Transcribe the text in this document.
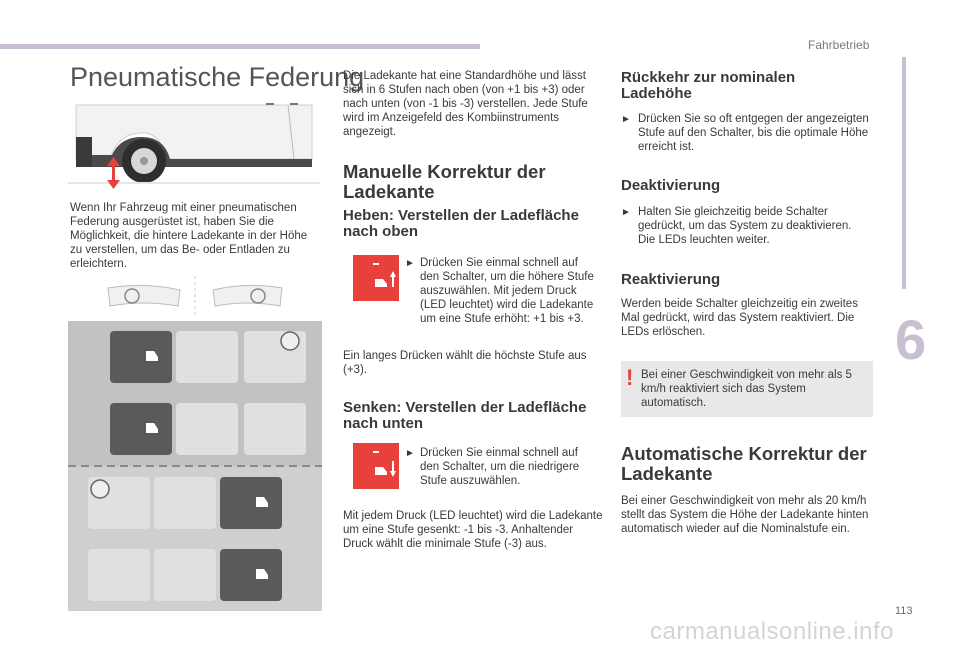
Fahrbetrieb
6
113
Pneumatische Federung
Wenn Ihr Fahrzeug mit einer pneumatischen Federung ausgerüstet ist, haben Sie die Möglichkeit, die hintere Ladekante in der Höhe zu verstellen, um das Be- oder Entladen zu erleichtern.
Die Ladekante hat eine Standardhöhe und lässt sich in 6 Stufen nach oben (von +1 bis +3) oder nach unten (von -1 bis -3) verstellen. Jede Stufe wird im Anzeigefeld des Kombiinstruments angezeigt.
Manuelle Korrektur der Ladekante
Heben: Verstellen der Ladefläche nach oben
► Drücken Sie einmal schnell auf den Schalter, um die höhere Stufe auszuwählen. Mit jedem Druck (LED leuchtet) wird die Ladekante um eine Stufe erhöht: +1 bis +3.
Ein langes Drücken wählt die höchste Stufe aus (+3).
Senken: Verstellen der Ladefläche nach unten
► Drücken Sie einmal schnell auf den Schalter, um die niedrigere Stufe auszuwählen.
Mit jedem Druck (LED leuchtet) wird die Ladekante um eine Stufe gesenkt: -1 bis -3. Anhaltender Druck wählt die minimale Stufe (-3) aus.
Rückkehr zur nominalen Ladehöhe
► Drücken Sie so oft entgegen der angezeigten Stufe auf den Schalter, bis die optimale Höhe erreicht ist.
Deaktivierung
► Halten Sie gleichzeitig beide Schalter gedrückt, um das System zu deaktivieren. Die LEDs leuchten weiter.
Reaktivierung
Werden beide Schalter gleichzeitig ein zweites Mal gedrückt, wird das System reaktiviert. Die LEDs erlöschen.
! Bei einer Geschwindigkeit von mehr als 5 km/h reaktiviert sich das System automatisch.
Automatische Korrektur der Ladekante
Bei einer Geschwindigkeit von mehr als 20 km/h stellt das System die Höhe der Ladekante hinten automatisch wieder auf die Nominalstufe ein.
carmanualsonline.info
